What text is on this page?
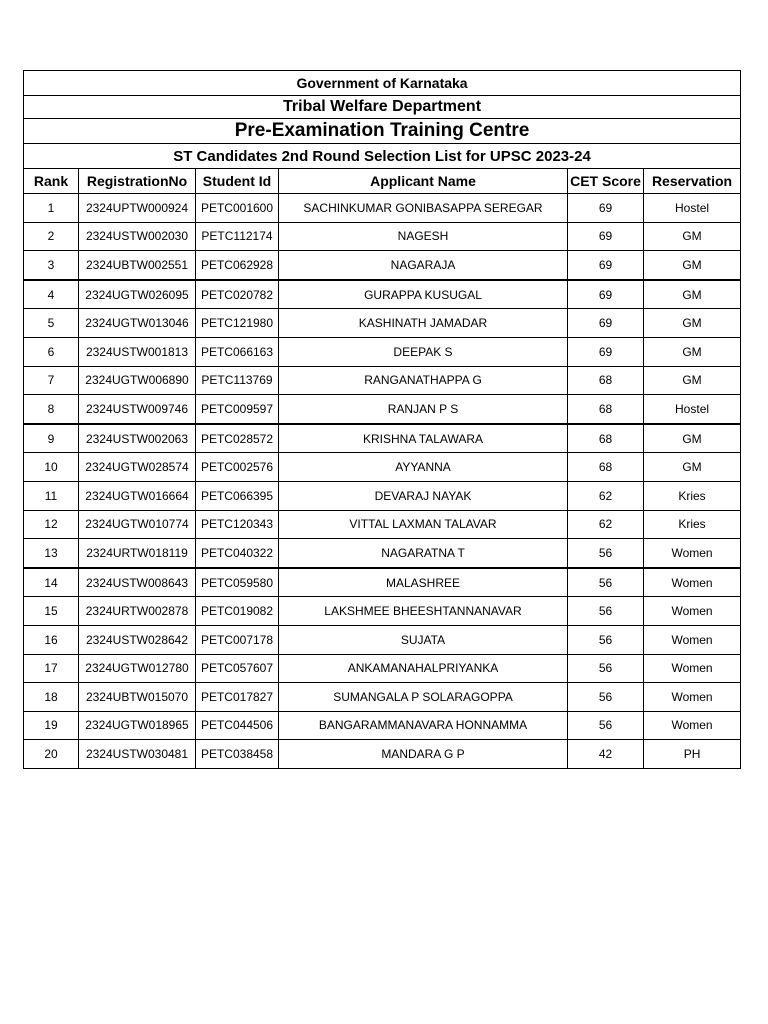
Government of Karnataka					
Tribal Welfare Department					
Pre-Examination Training Centre					
ST Candidates 2nd Round Selection List for UPSC 2023-24					
Rank	RegistrationNo	Student Id	Applicant Name	CET Score	Reservation
1	2324UPTW000924	PETC001600	SACHINKUMAR GONIBASAPPA SEREGAR	69	Hostel
2	2324USTW002030	PETC112174	NAGESH	69	GM
3	2324UBTW002551	PETC062928	NAGARAJA	69	GM
4	2324UGTW026095	PETC020782	GURAPPA KUSUGAL	69	GM
5	2324UGTW013046	PETC121980	KASHINATH JAMADAR	69	GM
6	2324USTW001813	PETC066163	DEEPAK S	69	GM
7	2324UGTW006890	PETC113769	RANGANATHAPPA G	68	GM
8	2324USTW009746	PETC009597	RANJAN P S	68	Hostel
9	2324USTW002063	PETC028572	KRISHNA TALAWARA	68	GM
10	2324UGTW028574	PETC002576	AYYANNA	68	GM
11	2324UGTW016664	PETC066395	DEVARAJ NAYAK	62	Kries
12	2324UGTW010774	PETC120343	VITTAL LAXMAN TALAVAR	62	Kries
13	2324URTW018119	PETC040322	NAGARATNA T	56	Women
14	2324USTW008643	PETC059580	MALASHREE	56	Women
15	2324URTW002878	PETC019082	LAKSHMEE BHEESHTANNANAVAR	56	Women
16	2324USTW028642	PETC007178	SUJATA	56	Women
17	2324UGTW012780	PETC057607	ANKAMANAHALPRIYANKA	56	Women
18	2324UBTW015070	PETC017827	SUMANGALA P SOLARAGOPPA	56	Women
19	2324UGTW018965	PETC044506	BANGARAMMANAVARA HONNAMMA	56	Women
20	2324USTW030481	PETC038458	MANDARA G P	42	PH
